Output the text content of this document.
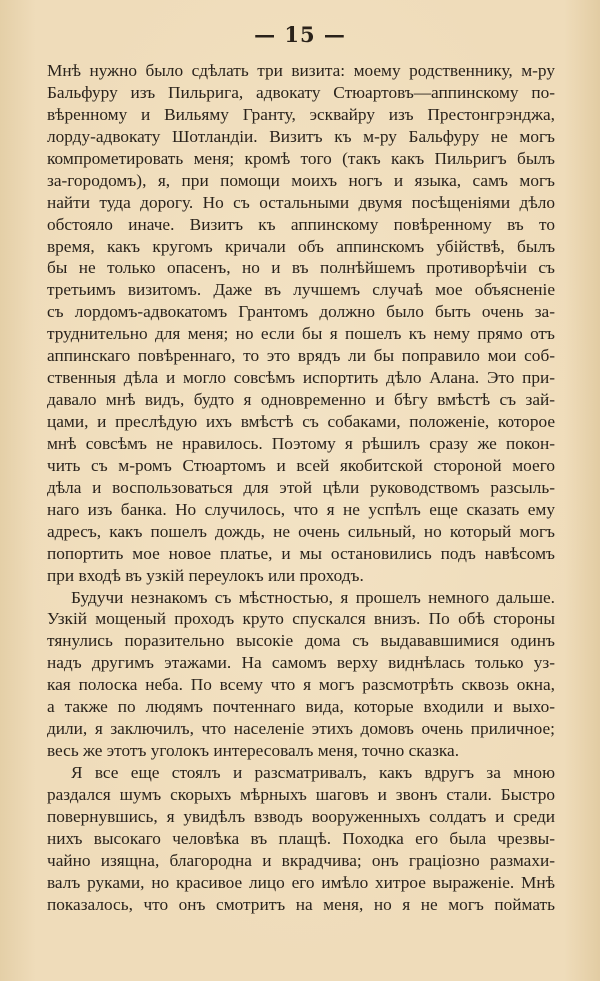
— 15 —
Мнѣ нужно было сдѣлать три визита: моему родственнику, м-ру
Бальфуру изъ Пильрига, адвокату Стюартовъ—аппинскому по-
вѣренному и Вильяму Гранту, эсквайру изъ Престонгрэнджа,
лорду-адвокату Шотландіи. Визитъ къ м-ру Бальфуру не могъ
компрометировать меня; кромѣ того (такъ какъ Пильригъ былъ
за-городомъ), я, при помощи моихъ ногъ и языка, самъ могъ
найти туда дорогу. Но съ остальными двумя посѣщеніями дѣло
обстояло иначе. Визитъ къ аппинскому повѣренному въ то
время, какъ кругомъ кричали объ аппинскомъ убійствѣ, былъ
бы не только опасенъ, но и въ полнѣйшемъ противорѣчіи съ
третьимъ визитомъ. Даже въ лучшемъ случаѣ мое объясненіе
съ лордомъ-адвокатомъ Грантомъ должно было быть очень за-
труднительно для меня; но если бы я пошелъ къ нему прямо отъ
аппинскаго повѣреннаго, то это врядъ ли бы поправило мои соб-
ственныя дѣла и могло совсѣмъ испортить дѣло Алана. Это при-
давало мнѣ видъ, будто я одновременно и бѣгу вмѣстѣ съ зай-
цами, и преслѣдую ихъ вмѣстѣ съ собаками, положеніе, которое
мнѣ совсѣмъ не нравилось. Поэтому я рѣшилъ сразу же покон-
чить съ м-ромъ Стюартомъ и всей якобитской стороной моего
дѣла и воспользоваться для этой цѣли руководствомъ разсыль-
наго изъ банка. Но случилось, что я не успѣлъ еще сказать ему
адресъ, какъ пошелъ дождь, не очень сильный, но который могъ
попортить мое новое платье, и мы остановились подъ навѣсомъ
при входѣ въ узкій переулокъ или проходъ.
Будучи незнакомъ съ мѣстностью, я прошелъ немного дальше.
Узкій мощеный проходъ круто спускался внизъ. По обѣ стороны
тянулись поразительно высокіе дома съ выдававшимися одинъ
надъ другимъ этажами. На самомъ верху виднѣлась только уз-
кая полоска неба. По всему что я могъ разсмотрѣть сквозь окна,
а также по людямъ почтеннаго вида, которые входили и выхо-
дили, я заключилъ, что населеніе этихъ домовъ очень приличное;
весь же этотъ уголокъ интересовалъ меня, точно сказка.
Я все еще стоялъ и разсматривалъ, какъ вдругъ за мною
раздался шумъ скорыхъ мѣрныхъ шаговъ и звонъ стали. Быстро
повернувшись, я увидѣлъ взводъ вооруженныхъ солдатъ и среди
нихъ высокаго человѣка въ плащѣ. Походка его была чрезвы-
чайно изящна, благородна и вкрадчива; онъ граціозно размахи-
валъ руками, но красивое лицо его имѣло хитрое выраженіе. Мнѣ
показалось, что онъ смотритъ на меня, но я не могъ поймать
